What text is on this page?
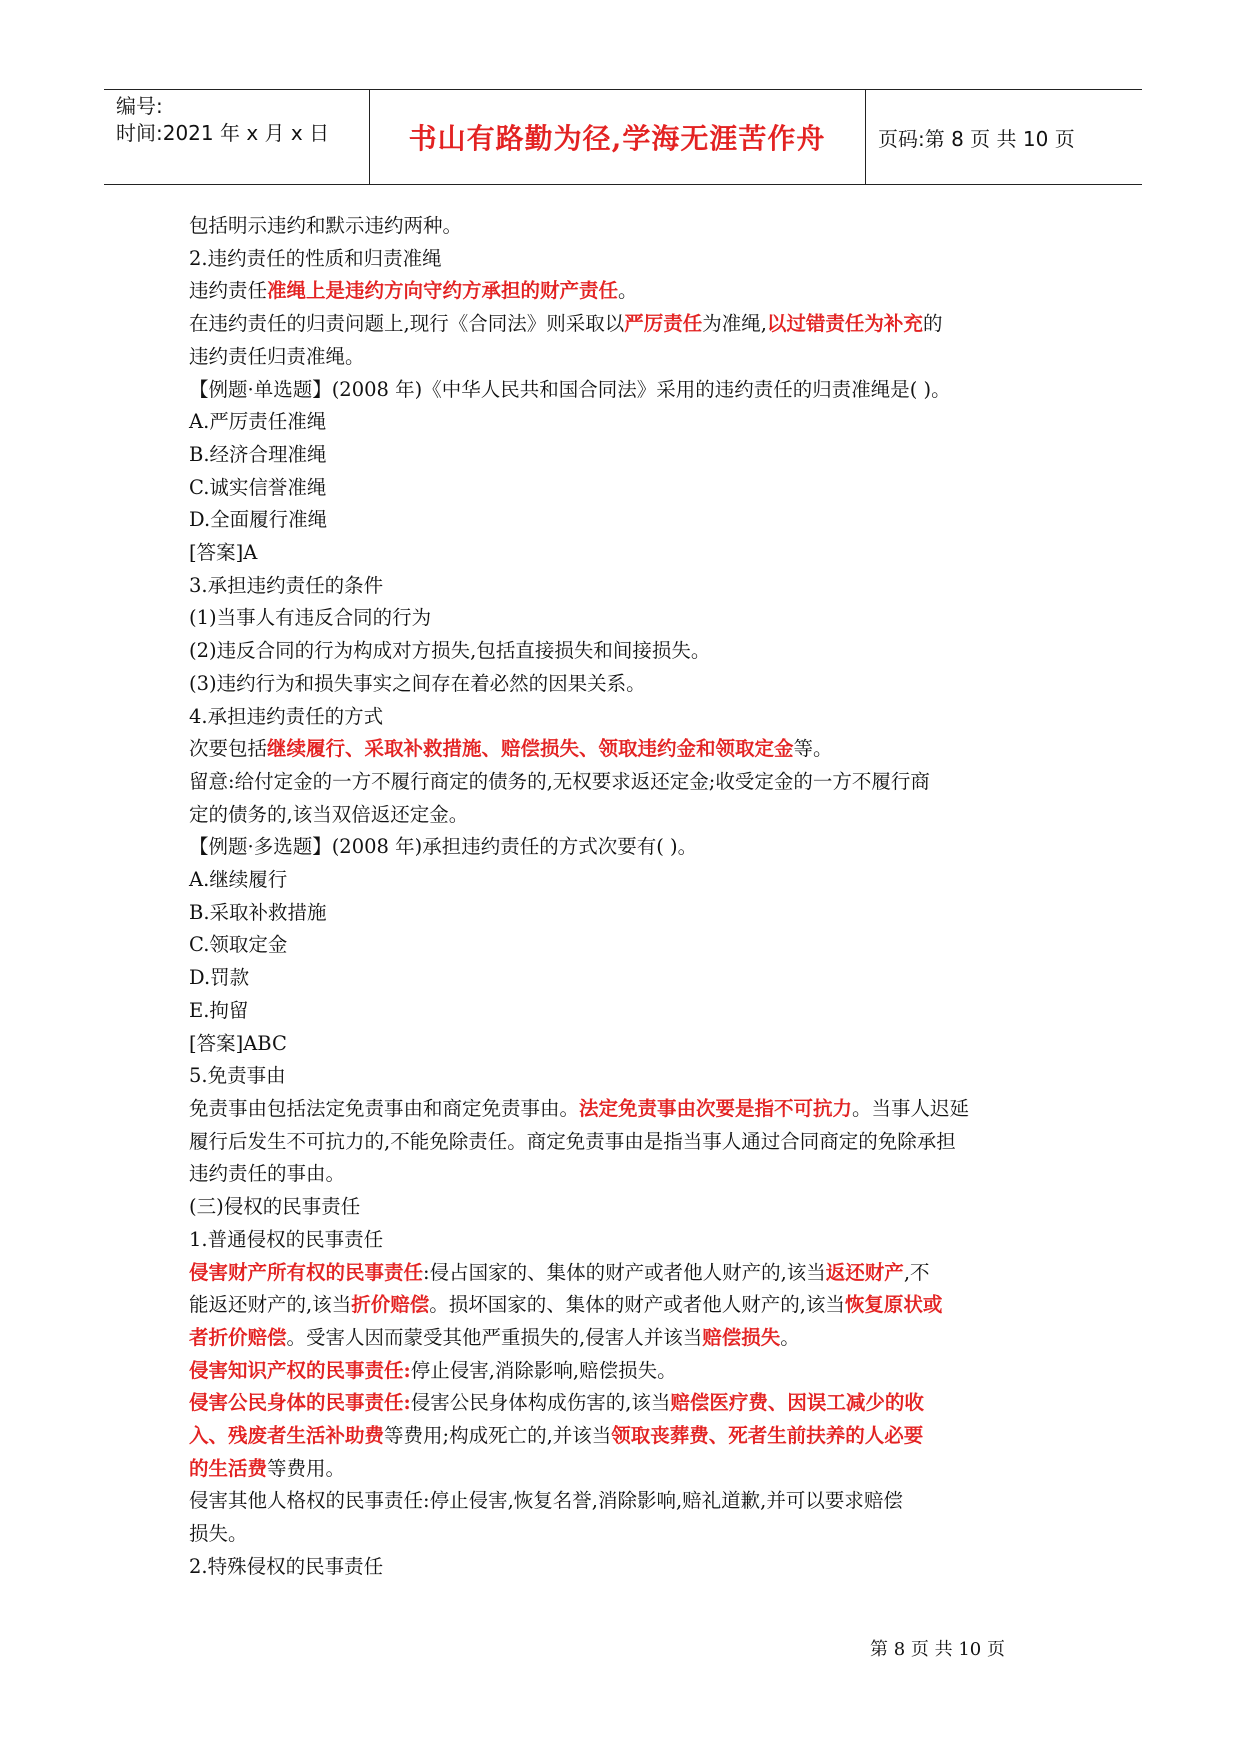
编号:
时间:2021 年 x 月 x 日	书山有路勤为径,学海无涯苦作舟	页码:第 8 页 共 10 页

包括明示违约和默示违约两种。

2.违约责任的性质和归责准绳

违约责任准绳上是违约方向守约方承担的财产责任。

在违约责任的归责问题上,现行《合同法》则采取以严厉责任为准绳,以过错责任为补充的

违约责任归责准绳。

【例题·单选题】(2008 年)《中华人民共和国合同法》采用的违约责任的归责准绳是( )。

A.严厉责任准绳

B.经济合理准绳

C.诚实信誉准绳

D.全面履行准绳

[答案]A

3.承担违约责任的条件

(1)当事人有违反合同的行为

(2)违反合同的行为构成对方损失,包括直接损失和间接损失。

(3)违约行为和损失事实之间存在着必然的因果关系。

4.承担违约责任的方式

次要包括继续履行、采取补救措施、赔偿损失、领取违约金和领取定金等。

留意:给付定金的一方不履行商定的债务的,无权要求返还定金;收受定金的一方不履行商

定的债务的,该当双倍返还定金。

【例题·多选题】(2008 年)承担违约责任的方式次要有( )。

A.继续履行

B.采取补救措施

C.领取定金

D.罚款

E.拘留

[答案]ABC

5.免责事由

免责事由包括法定免责事由和商定免责事由。法定免责事由次要是指不可抗力。当事人迟延

履行后发生不可抗力的,不能免除责任。商定免责事由是指当事人通过合同商定的免除承担

违约责任的事由。

(三)侵权的民事责任

1.普通侵权的民事责任

侵害财产所有权的民事责任:侵占国家的、集体的财产或者他人财产的,该当返还财产,不

能返还财产的,该当折价赔偿。损坏国家的、集体的财产或者他人财产的,该当恢复原状或

者折价赔偿。受害人因而蒙受其他严重损失的,侵害人并该当赔偿损失。

侵害知识产权的民事责任:停止侵害,消除影响,赔偿损失。

侵害公民身体的民事责任:侵害公民身体构成伤害的,该当赔偿医疗费、因误工减少的收

入、残废者生活补助费等费用;构成死亡的,并该当领取丧葬费、死者生前扶养的人必要

的生活费等费用。

侵害其他人格权的民事责任:停止侵害,恢复名誉,消除影响,赔礼道歉,并可以要求赔偿

损失。

2.特殊侵权的民事责任

第 8 页 共 10 页
